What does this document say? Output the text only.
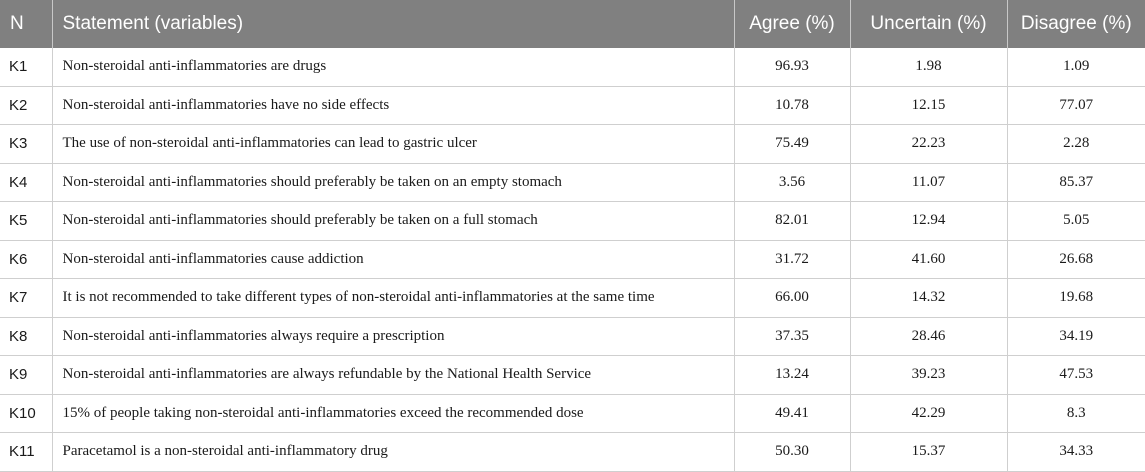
N	Statement (variables)	Agree (%)	Uncertain (%)	Disagree (%)
K1	Non-steroidal anti-inflammatories are drugs	96.93	1.98	1.09
K2	Non-steroidal anti-inflammatories have no side effects	10.78	12.15	77.07
K3	The use of non-steroidal anti-inflammatories can lead to gastric ulcer	75.49	22.23	2.28
K4	Non-steroidal anti-inflammatories should preferably be taken on an empty stomach	3.56	11.07	85.37
K5	Non-steroidal anti-inflammatories should preferably be taken on a full stomach	82.01	12.94	5.05
K6	Non-steroidal anti-inflammatories cause addiction	31.72	41.60	26.68
K7	It is not recommended to take different types of non-steroidal anti-inflammatories at the same time	66.00	14.32	19.68
K8	Non-steroidal anti-inflammatories always require a prescription	37.35	28.46	34.19
K9	Non-steroidal anti-inflammatories are always refundable by the National Health Service	13.24	39.23	47.53
K10	15% of people taking non-steroidal anti-inflammatories exceed the recommended dose	49.41	42.29	8.3
K11	Paracetamol is a non-steroidal anti-inflammatory drug	50.30	15.37	34.33
